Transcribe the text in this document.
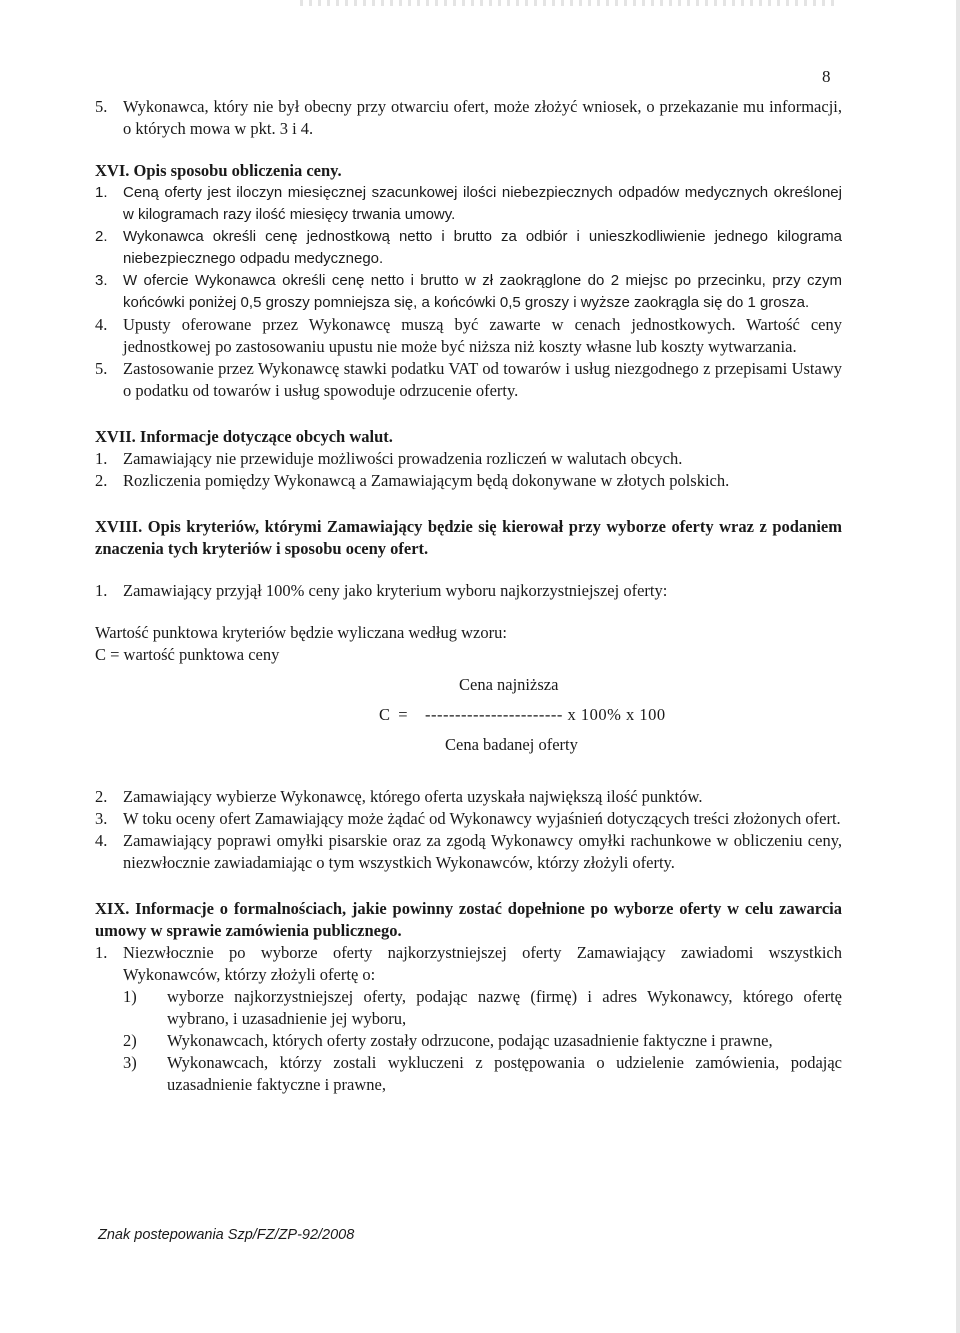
8
5. Wykonawca, który nie był obecny przy otwarciu ofert, może złożyć wniosek, o przekazanie mu informacji, o których mowa w pkt. 3 i 4.
XVI. Opis sposobu obliczenia ceny.
1.	Ceną oferty jest iloczyn miesięcznej szacunkowej ilości niebezpiecznych odpadów medycznych określonej w kilogramach razy ilość miesięcy trwania umowy.
2.	Wykonawca określi cenę jednostkową netto i brutto za odbiór i unieszkodliwienie jednego kilograma niebezpiecznego odpadu medycznego.
3.	W ofercie Wykonawca określi cenę netto i brutto w zł zaokrąglone do 2 miejsc po przecinku, przy czym końcówki poniżej 0,5 groszy pomniejsza się, a końcówki 0,5 groszy i wyższe zaokrągla się do 1 grosza.
4. Upusty oferowane przez Wykonawcę muszą być zawarte w cenach jednostkowych. Wartość ceny jednostkowej po zastosowaniu upustu nie może być niższa niż koszty własne lub koszty wytwarzania.
5. Zastosowanie przez Wykonawcę stawki podatku VAT od towarów i usług niezgodnego z przepisami Ustawy o podatku od towarów i usług spowoduje odrzucenie oferty.
XVII. Informacje dotyczące obcych walut.
1. Zamawiający nie przewiduje możliwości prowadzenia rozliczeń w walutach obcych.
2. Rozliczenia pomiędzy Wykonawcą a Zamawiającym będą dokonywane w złotych polskich.
XVIII. Opis kryteriów, którymi Zamawiający będzie się kierował przy wyborze oferty wraz z podaniem znaczenia tych kryteriów i sposobu oceny ofert.
1. Zamawiający przyjął 100% ceny jako kryterium wyboru najkorzystniejszej oferty:
Wartość punktowa kryteriów będzie wyliczana według wzoru:
C = wartość punktowa ceny
Cena najniższa
C  = ----------------------- x 100% x 100
Cena badanej oferty
2. Zamawiający wybierze Wykonawcę, którego oferta uzyskała największą ilość punktów.
3. W toku oceny ofert Zamawiający może żądać od Wykonawcy wyjaśnień dotyczących treści złożonych ofert.
4. Zamawiający poprawi omyłki pisarskie oraz za zgodą Wykonawcy omyłki rachunkowe w obliczeniu ceny, niezwłocznie zawiadamiając o tym wszystkich Wykonawców, którzy złożyli oferty.
XIX. Informacje o formalnościach, jakie powinny zostać dopełnione po wyborze oferty w celu zawarcia umowy w sprawie zamówienia publicznego.
1. Niezwłocznie po wyborze oferty najkorzystniejszej oferty Zamawiający zawiadomi wszystkich Wykonawców, którzy złożyli ofertę o:
1)	wyborze najkorzystniejszej oferty, podając nazwę (firmę) i adres Wykonawcy, którego ofertę wybrano, i uzasadnienie jej wyboru,
2)	Wykonawcach, których oferty zostały odrzucone, podając uzasadnienie faktyczne i prawne,
3)	Wykonawcach, którzy zostali wykluczeni z postępowania o udzielenie zamówienia, podając uzasadnienie faktyczne i prawne,
Znak postepowania Szp/FZ/ZP-92/2008
